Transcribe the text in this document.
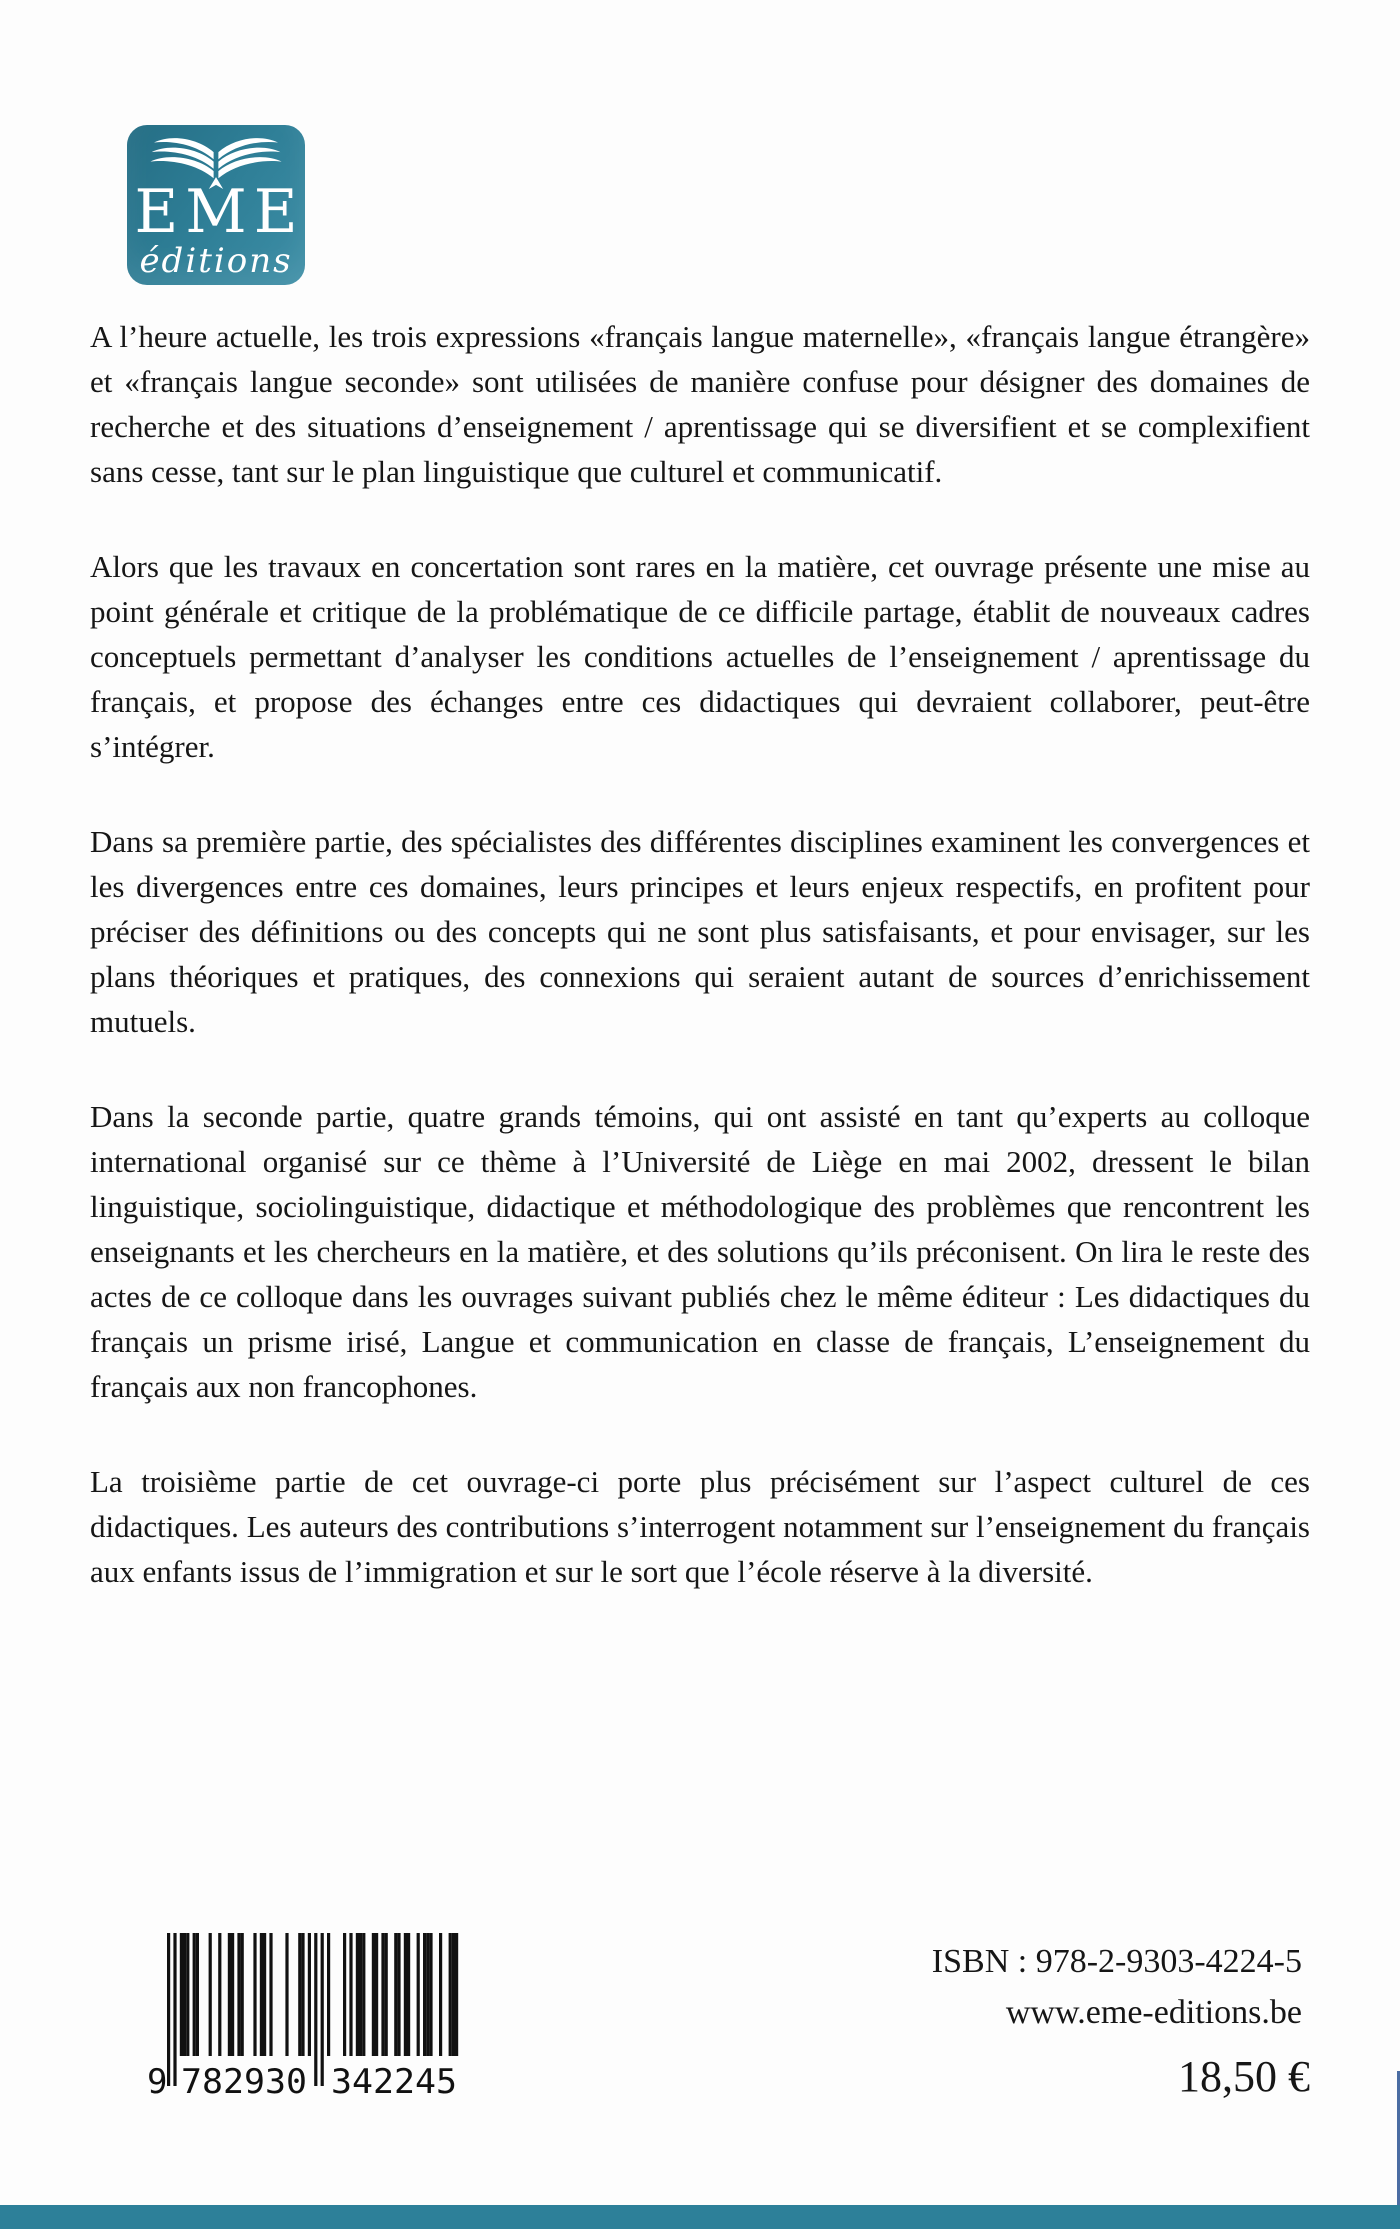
EME
éditions

A l’heure actuelle, les trois expressions «français langue maternelle», «français langue étrangère» et «français langue seconde» sont utilisées de manière confuse pour désigner des domaines de recherche et des situations d’enseignement / aprentissage qui se diversifient et se complexifient sans cesse, tant sur le plan linguistique que culturel et communicatif.

Alors que les travaux en concertation sont rares en la matière, cet ouvrage présente une mise au point générale et critique de la problématique de ce difficile partage, établit de nouveaux cadres conceptuels permettant d’analyser les conditions actuelles de l’enseignement / aprentissage du français, et propose des échanges entre ces didactiques qui devraient collaborer, peut-être s’intégrer.

Dans sa première partie, des spécialistes des différentes disciplines examinent les convergences et les divergences entre ces domaines, leurs principes et leurs enjeux respectifs, en profitent pour préciser des définitions ou des concepts qui ne sont plus satisfaisants, et pour envisager, sur les plans théoriques et pratiques, des connexions qui seraient autant de sources d’enrichissement mutuels.

Dans la seconde partie, quatre grands témoins, qui ont assisté en tant qu’experts au colloque international organisé sur ce thème à l’Université de Liège en mai 2002, dressent le bilan linguistique, sociolinguistique, didactique et méthodologique des problèmes que rencontrent les enseignants et les chercheurs en la matière, et des solutions qu’ils préconisent. On lira le reste des actes de ce colloque dans les ouvrages suivant publiés chez le même éditeur : Les didactiques du français un prisme irisé, Langue et communication en classe de français, L’enseignement du français aux non francophones.

La troisième partie de cet ouvrage-ci porte plus précisément sur l’aspect culturel de ces didactiques. Les auteurs des contributions s’interrogent notamment sur l’enseignement du français aux enfants issus de l’immigration et sur le sort que l’école réserve à la diversité.

9 782930 342245
ISBN : 978-2-9303-4224-5
www.eme-editions.be
18,50 €
